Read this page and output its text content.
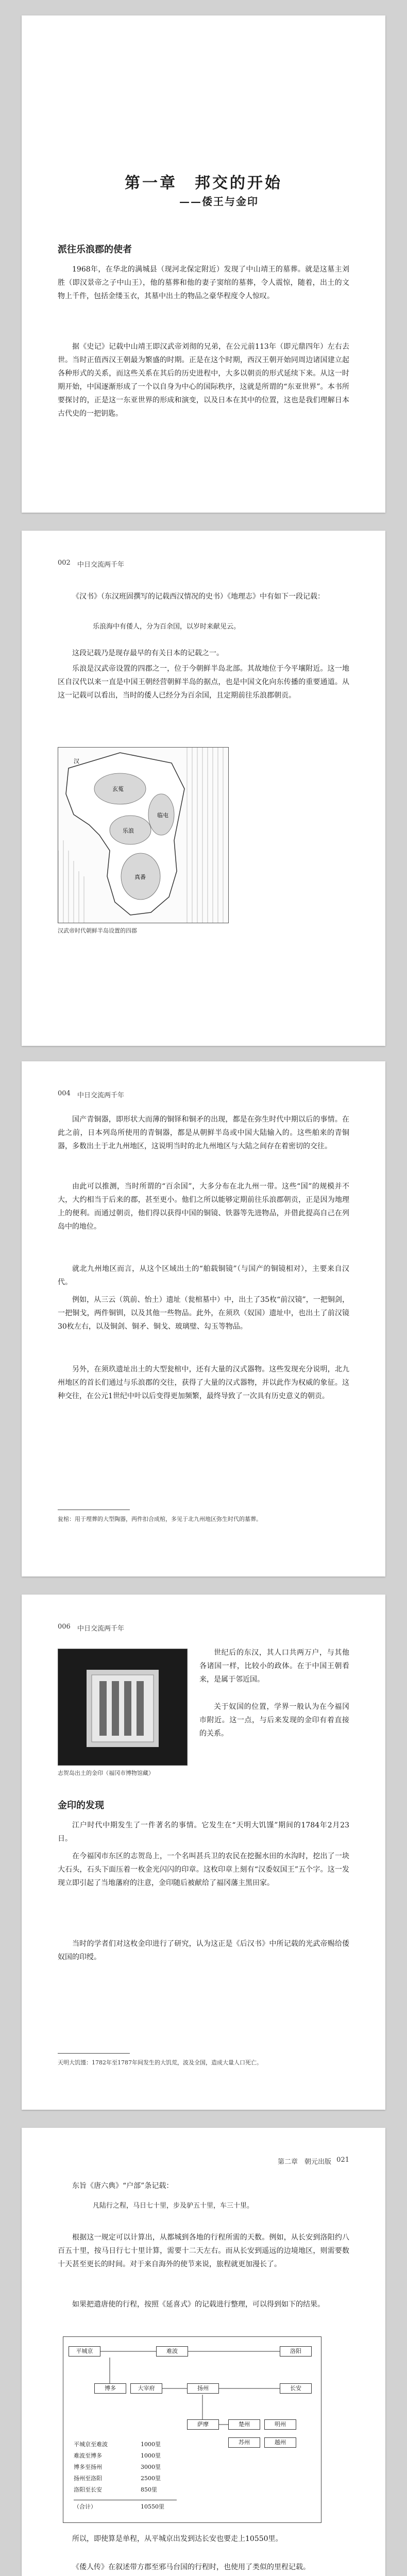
第一章　邦交的开始
——倭王与金印
派往乐浪郡的使者

1968年，在华北的满城县（现河北保定附近）发现了中山靖王的墓葬。就是这墓主刘胜（即汉景帝之子中山王），他的墓葬和他的妻子窦绾的墓葬，令人震惊，随着，出土的文物上千件，包括金缕玉衣，其墓中出土的物品之豪华程度令人惊叹。

据《史记》记载中山靖王即汉武帝刘彻的兄弟，在公元前113年（即元鼎四年）左右去世。当时正值西汉王朝最为繁盛的时期。正是在这个时期，西汉王朝开始同周边诸国建立起各种形式的关系，而这些关系在其后的历史进程中，大多以朝贡的形式延续下来。从这一时期开始，中国逐渐形成了一个以自身为中心的国际秩序，这就是所谓的“东亚世界”。本书所要探讨的，正是这一东亚世界的形成和演变，以及日本在其中的位置，这也是我们理解日本古代史的一把钥匙。

002 中日交流两千年

《汉书》（东汉班固撰写的记载西汉情况的史书）《地理志》中有如下一段记载：

乐浪海中有倭人，分为百余国，以岁时来献见云。

这段记载乃是现存最早的有关日本的记载之一。

乐浪是汉武帝设置的四郡之一，位于今朝鲜半岛北部。其故地位于今平壤附近。这一地区自汉代以来一直是中国王朝经营朝鲜半岛的据点，也是中国文化向东传播的重要通道。从这一记载可以看出，当时的倭人已经分为百余国，且定期前往乐浪郡朝贡。

玄菟
真番
乐浪
临屯
汉
汉武帝时代朝鲜半岛设置的四郡
004 中日交流两千年

国产青铜器，即形状大而薄的铜铎和铜矛的出现，都是在弥生时代中期以后的事情。在此之前，日本列岛所使用的青铜器，都是从朝鲜半岛或中国大陆输入的。这些舶来的青铜器，多数出土于北九州地区，这说明当时的北九州地区与大陆之间存在着密切的交往。

由此可以推测，当时所谓的“百余国”，大多分布在北九州一带。这些“国”的规模并不大，大约相当于后来的郡，甚至更小。他们之所以能够定期前往乐浪郡朝贡，正是因为地理上的便利。而通过朝贡，他们得以获得中国的铜镜、铁器等先进物品，并借此提高自己在列岛中的地位。

就北九州地区而言，从这个区域出土的“舶载铜镜”（与国产的铜镜相对），主要来自汉代。

例如，从三云（筑前、怡土）遗址（瓮棺墓中）中，出土了35枚“前汉镜”，一把铜剑，一把铜戈，两件铜钏，以及其他一些物品。此外，在须玖（奴国）遗址中，也出土了前汉镜30枚左右，以及铜剑、铜矛、铜戈、玻璃璧、勾玉等物品。

另外，在须玖遗址出土的大型瓮棺中，还有大量的汉式器物。这些发现充分说明，北九州地区的首长们通过与乐浪郡的交往，获得了大量的汉式器物，并以此作为权威的象征。这种交往，在公元1世纪中叶以后变得更加频繁，最终导致了一次具有历史意义的朝贡。

瓮棺：用于埋葬的大型陶器，两件扣合成棺，多见于北九州地区弥生时代的墓葬。

006 中日交流两千年
志贺岛出土的金印（福冈市博物馆藏）

世纪后的东汉，其人口共两万户，与其他各诸国一样，比较小的政体。在于中国王朝看来，是属于邻近国。

关于奴国的位置，学界一般认为在今福冈市附近。这一点，与后来发现的金印有着直接的关系。

金印的发现

江户时代中期发生了一件著名的事情。它发生在“天明大饥馑”期间的1784年2月23日。

在今福冈市东区的志贺岛上，一个名叫甚兵卫的农民在挖掘水田的水沟时，挖出了一块大石头，石头下面压着一枚金光闪闪的印章。这枚印章上刻有“汉委奴国王”五个字。这一发现立即引起了当地藩府的注意，金印随后被献给了福冈藩主黑田家。

当时的学者们对这枚金印进行了研究，认为这正是《后汉书》中所记载的光武帝赐给倭奴国的印绶。

天明大饥馑：1782年至1787年间发生的大饥荒，波及全国，造成大量人口死亡。

第二章　朝元出版 021

东旨《唐六典》“户部”条记载：

凡陆行之程，马日七十里，步及驴五十里，车三十里。

根据这一规定可以计算出，从都城到各地的行程所需的天数。例如，从长安到洛阳约八百五十里，按马日行七十里计算，需要十二天左右。而从长安到遥远的边境地区，则需要数十天甚至更长的时间。对于来自海外的使节来说，旅程就更加漫长了。

如果把遣唐使的行程，按照《延喜式》的记载进行整理，可以得到如下的结果。

平城京	难波
博多	大宰府	扬州
洛阳
长安
萨摩	楚州	明州
苏州	越州
平城京至难波	1000里
难波至博多	1000里
博多至扬州	3000里
扬州至洛阳	2500里
洛阳至长安	850里
（合计）	10550里

所以，即使算是单程，从平城京出发到达长安也要走上10550里。

《倭人传》在叙述带方郡至邪马台国的行程时，也使用了类似的里程记载。
